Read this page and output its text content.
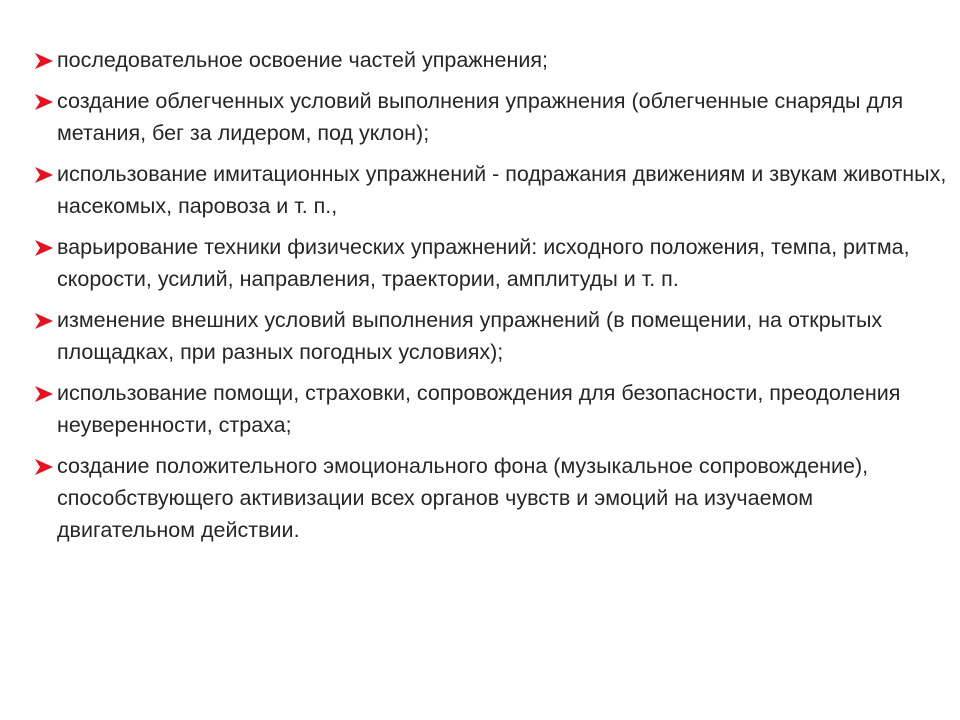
последовательное освоение частей упражнения;
создание облегченных условий выполнения упражнения (облегченные снаряды для метания, бег за лидером, под уклон);
использование имитационных упражнений - подражания движениям и звукам животных, насекомых, паровоза и т. п.,
варьирование техники физических упражнений: исходного положения, темпа, ритма, скорости, усилий, направления, траектории, амплитуды и т. п.
изменение внешних условий выполнения упражнений (в помещении, на открытых площадках, при разных погодных условиях);
использование помощи, страховки, сопровождения для безопасности, преодоления неуверенности, страха;
создание положительного эмоционального фона (музыкальное сопровождение), способствующего активизации всех органов чувств и эмоций на изучаемом двигательном действии.
